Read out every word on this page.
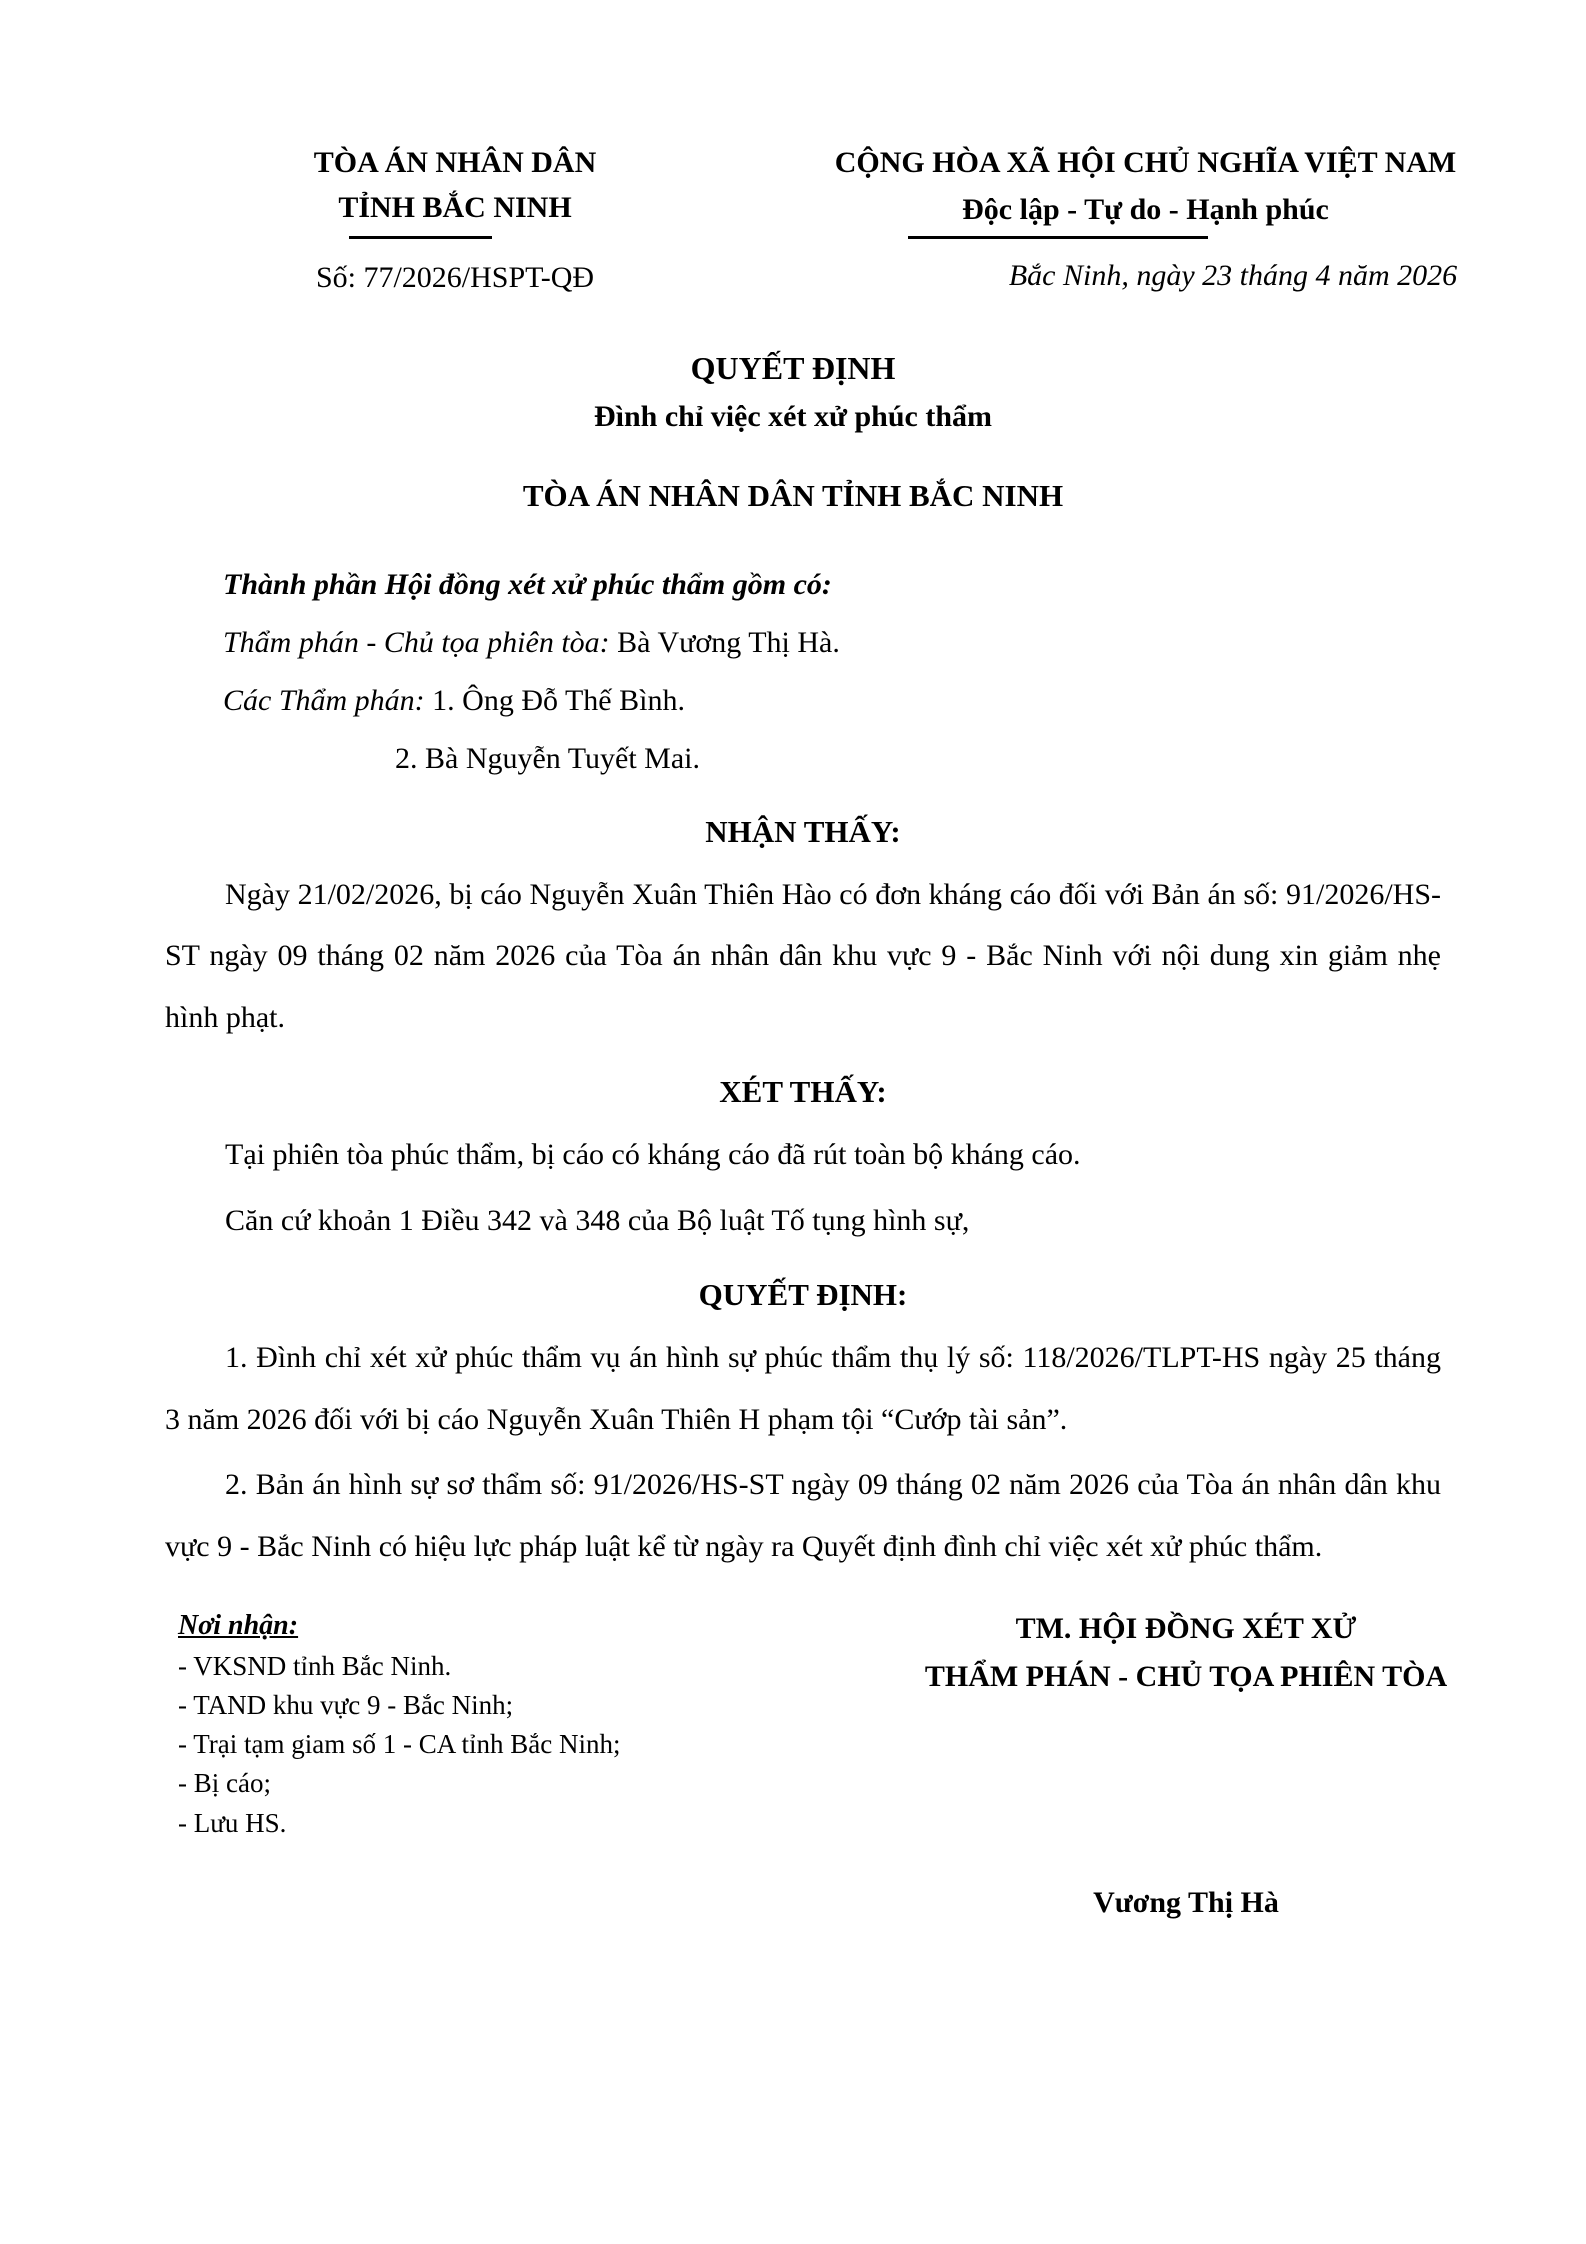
TÒA ÁN NHÂN DÂN
TỈNH BẮC NINH
Số: 77/2026/HSPT-QĐ
CỘNG HÒA XÃ HỘI CHỦ NGHĨA VIỆT NAM
Độc lập - Tự do - Hạnh phúc
Bắc Ninh, ngày 23 tháng 4 năm 2026
QUYẾT ĐỊNH
Đình chỉ việc xét xử phúc thẩm
TÒA ÁN NHÂN DÂN TỈNH BẮC NINH
Thành phần Hội đồng xét xử phúc thẩm gồm có:
Thẩm phán - Chủ tọa phiên tòa: Bà Vương Thị Hà.
Các Thẩm phán: 1. Ông Đỗ Thế Bình.
2. Bà Nguyễn Tuyết Mai.
NHẬN THẤY:

Ngày 21/02/2026, bị cáo Nguyễn Xuân Thiên Hào có đơn kháng cáo đối với Bản án số: 91/2026/HS-ST ngày 09 tháng 02 năm 2026 của Tòa án nhân dân khu vực 9 - Bắc Ninh với nội dung xin giảm nhẹ hình phạt.

XÉT THẤY:

Tại phiên tòa phúc thẩm, bị cáo có kháng cáo đã rút toàn bộ kháng cáo.

Căn cứ khoản 1 Điều 342 và 348 của Bộ luật Tố tụng hình sự,

QUYẾT ĐỊNH:

1. Đình chỉ xét xử phúc thẩm vụ án hình sự phúc thẩm thụ lý số: 118/2026/TLPT-HS ngày 25 tháng 3 năm 2026 đối với bị cáo Nguyễn Xuân Thiên H phạm tội “Cướp tài sản”.

2. Bản án hình sự sơ thẩm số: 91/2026/HS-ST ngày 09 tháng 02 năm 2026 của Tòa án nhân dân khu vực 9 - Bắc Ninh có hiệu lực pháp luật kể từ ngày ra Quyết định đình chỉ việc xét xử phúc thẩm.

Nơi nhận:
- VKSND tỉnh Bắc Ninh.
- TAND khu vực 9 - Bắc Ninh;
- Trại tạm giam số 1 - CA tỉnh Bắc Ninh;
- Bị cáo;
- Lưu HS.
TM. HỘI ĐỒNG XÉT XỬ
THẨM PHÁN - CHỦ TỌA PHIÊN TÒA
Vương Thị Hà
